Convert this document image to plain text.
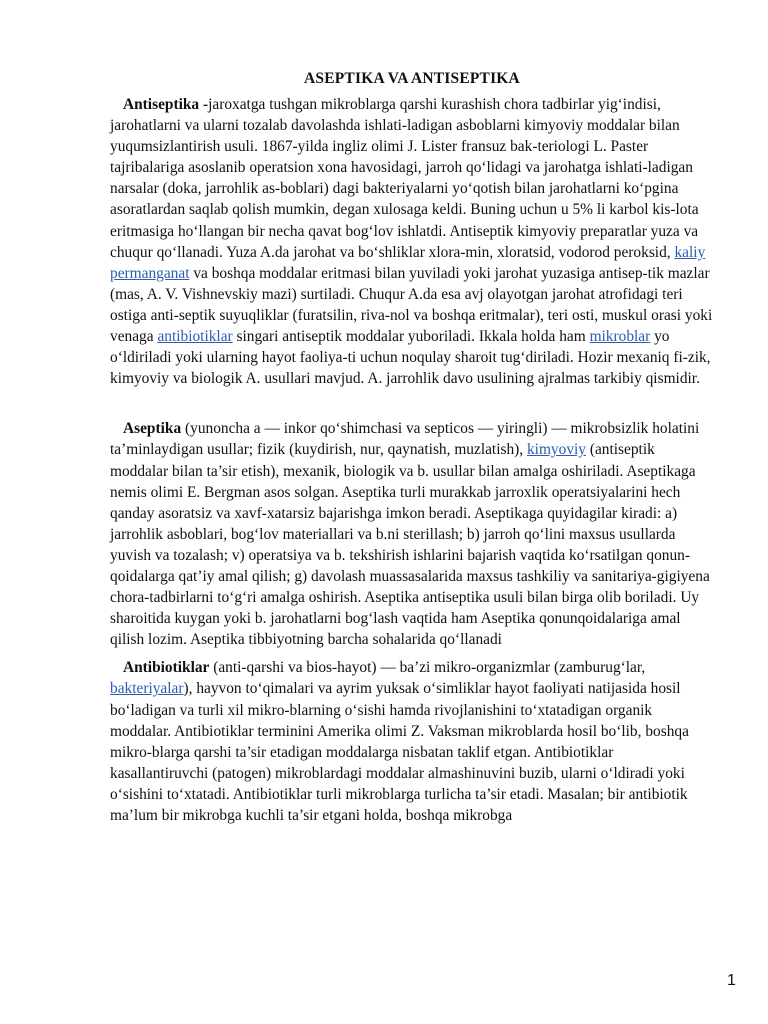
ASEPTIKA VA ANTISEPTIKA

Antiseptika -jaroxatga tushgan mikroblarga qarshi kurashish chora tadbirlar yig‘indisi, jarohatlarni va ularni tozalab davolashda ishlati-ladigan asboblarni kimyoviy moddalar bilan yuqumsizlantirish usuli. 1867-yilda ingliz olimi J. Lister fransuz bak-teriologi L. Paster tajribalariga asoslanib operatsion xona havosidagi, jarroh qo‘lidagi va jarohatga ishlati-ladigan narsalar (doka, jarrohlik as-boblari) dagi bakteriyalarni yo‘qotish bilan jarohatlarni ko‘pgina asoratlardan saqlab qolish mumkin, degan xulosaga keldi. Buning uchun u 5% li karbol kis-lota eritmasiga ho‘llangan bir necha qavat bog‘lov ishlatdi. Antiseptik kimyoviy preparatlar yuza va chuqur qo‘llanadi. Yuza A.da jarohat va bo‘shliklar xlora-min, xloratsid, vodorod peroksid, kaliy permanganat va boshqa moddalar eritmasi bilan yuviladi yoki jarohat yuzasiga antisep-tik mazlar (mas, A. V. Vishnevskiy mazi) surtiladi. Chuqur A.da esa avj olayotgan jarohat atrofidagi teri ostiga anti-septik suyuqliklar (furatsilin, riva-nol va boshqa eritmalar), teri osti, muskul orasi yoki venaga antibiotiklar singari antiseptik moddalar yuboriladi. Ikkala holda ham mikroblar yo o‘ldiriladi yoki ularning hayot faoliya-ti uchun noqulay sharoit tug‘diriladi. Hozir mexaniq fi-zik, kimyoviy va biologik A. usullari mavjud. A. jarrohlik davo usulining ajralmas tarkibiy qismidir.

Aseptika (yunoncha a — inkor qo‘shimchasi va septicos — yiringli) — mikrobsizlik holatini ta’minlaydigan usullar; fizik (kuydirish, nur, qaynatish, muzlatish), kimyoviy (antiseptik moddalar bilan ta’sir etish), mexanik, biologik va b. usullar bilan amalga oshiriladi. Aseptikaga nemis olimi E. Bergman asos solgan. Aseptika turli murakkab jarroxlik operatsiyalarini hech qanday asoratsiz va xavf-xatarsiz bajarishga imkon beradi. Aseptikaga quyidagilar kiradi: a) jarrohlik asboblari, bog‘lov materiallari va b.ni sterillash; b) jarroh qo‘lini maxsus usullarda yuvish va tozalash; v) operatsiya va b. tekshirish ishlarini bajarish vaqtida ko‘rsatilgan qonun-qoidalarga qat’iy amal qilish; g) davolash muassasalarida maxsus tashkiliy va sanitariya-gigiyena chora-tadbirlarni to‘g‘ri amalga oshirish. Aseptika antiseptika usuli bilan birga olib boriladi. Uy sharoitida kuygan yoki b. jarohatlarni bog‘lash vaqtida ham Aseptika qonunqoidalariga amal qilish lozim. Aseptika tibbiyotning barcha sohalarida qo‘llanadi

Antibiotiklar (anti-qarshi va bios-hayot) — ba’zi mikro-organizmlar (zamburug‘lar, bakteriyalar), hayvon to‘qimalari va ayrim yuksak o‘simliklar hayot faoliyati natijasida hosil bo‘ladigan va turli xil mikro-blarning o‘sishi hamda rivojlanishini to‘xtatadigan organik moddalar. Antibiotiklar terminini Amerika olimi Z. Vaksman mikroblarda hosil bo‘lib, boshqa mikro-blarga qarshi ta’sir etadigan moddalarga nisbatan taklif etgan. Antibiotiklar kasallantiruvchi (patogen) mikroblardagi moddalar almashinuvini buzib, ularni o‘ldiradi yoki o‘sishini to‘xtatadi. Antibiotiklar turli mikroblarga turlicha ta’sir etadi. Masalan; bir antibiotik ma’lum bir mikrobga kuchli ta’sir etgani holda, boshqa mikrobga

1
